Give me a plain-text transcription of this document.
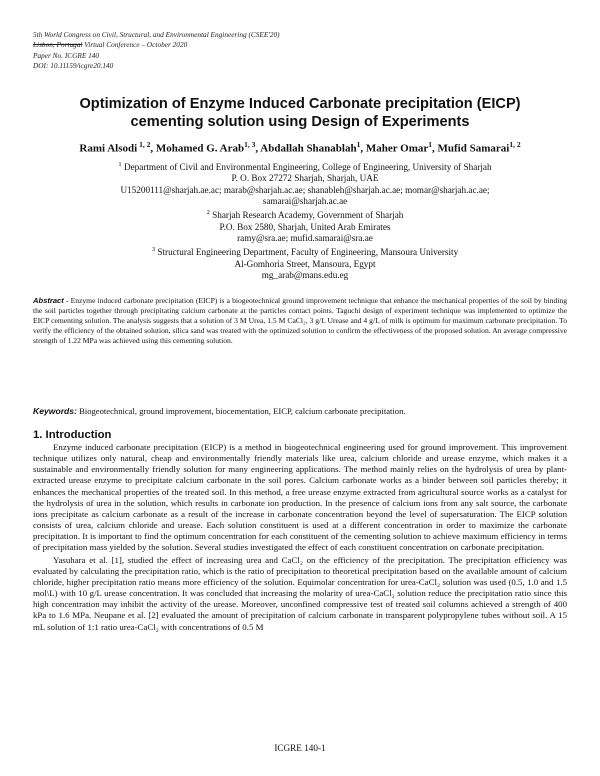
5th World Congress on Civil, Structural, and Environmental Engineering (CSEE'20)
Lisbon, Portugal Virtual Conference – October 2020
Paper No. ICGRE 140
DOI: 10.11159/icgre20.140
Optimization of Enzyme Induced Carbonate precipitation (EICP)
cementing solution using Design of Experiments
Rami Alsodi $^{1, 2}$, Mohamed G. Arab$^{1, 3}$, Abdallah Shanablah$^1$, Maher Omar$^1$, Mufid Samarai$^{1, 2}$
$^1$ Department of Civil and Environmental Engineering, College of Engineering, University of Sharjah
P. O. Box 27272 Sharjah, Sharjah, UAE
U15200111@sharjah.ae.ac; marab@sharjah.ac.ae; shanableh@sharjah.ac.ae; momar@sharjah.ac.ae;
samarai@sharjah.ac.ae
$^2$ Sharjah Research Academy, Government of Sharjah
P.O. Box 2580, Sharjah, United Arab Emirates
ramy@sra.ae; mufid.samarai@sra.ae
$^3$ Structural Engineering Department, Faculty of Engineering, Mansoura University
Al-Gomhoria Street, Mansoura, Egypt
mg_arab@mans.edu.eg
Abstract - Enzyme induced carbonate precipitation (EICP) is a biogeotechnical ground improvement technique that enhance the mechanical properties of the soil by binding the soil particles together through precipitating calcium carbonate at the particles contact points. Taguchi design of experiment technique was implemented to optimize the EICP cementing solution. The analysis suggests that a solution of 3 M Urea, 1.5 M CaCl₂, 3 g/L Urease and 4 g/L of milk is optimum for maximum carbonate precipitation. To verify the efficiency of the obtained solution, silica sand was treated with the optimized solution to confirm the effectiveness of the proposed solution. An average compressive strength of 1.22 MPa was achieved using this cementing solution.
Keywords: Biogeotechnical, ground improvement, biocementation, EICP, calcium carbonate precipitation.
1. Introduction

Enzyme induced carbonate precipitation (EICP) is a method in biogeotechnical engineering used for ground improvement. This improvement technique utilizes only natural, cheap and environmentally friendly materials like urea, calcium chloride and urease enzyme, which makes it a sustainable and environmentally friendly solution for many engineering applications. The method mainly relies on the hydrolysis of urea by plant-extracted urease enzyme to precipitate calcium carbonate in the soil pores. Calcium carbonate works as a binder between soil particles thereby; it enhances the mechanical properties of the treated soil. In this method, a free urease enzyme extracted from agricultural source works as a catalyst for the hydrolysis of urea in the solution, which results in carbonate ion production. In the presence of calcium ions from any salt source, the carbonate ions precipitate as calcium carbonate as a result of the increase in carbonate concentration beyond the level of supersaturation. The EICP solution consists of urea, calcium chloride and urease. Each solution constituent is used at a different concentration in order to maximize the carbonate precipitation. It is important to find the optimum concentration for each constituent of the cementing solution to achieve maximum efficiency in terms of precipitation mass yielded by the solution. Several studies investigated the effect of each constituent concentration on carbonate precipitation.

Yasuhara et al. [1], studied the effect of increasing urea and CaCl₂ on the efficiency of the precipitation. The precipitation efficiency was evaluated by calculating the precipitation ratio, which is the ratio of precipitation to theoretical precipitation based on the available amount of calcium chloride, higher precipitation ratio means more efficiency of the solution. Equimolar concentration for urea-CaCl₂ solution was used (0.5, 1.0 and 1.5 mol\L) with 10 g/L urease concentration. It was concluded that increasing the molarity of urea-CaCl₂ solution reduce the precipitation ratio since this high concentration may inhibit the activity of the urease. Moreover, unconfined compressive test of treated soil columns achieved a strength of 400 kPa to 1.6 MPa. Neupane et al. [2] evaluated the amount of precipitation of calcium carbonate in transparent polypropylene tubes without soil. A 15 mL solution of 1:1 ratio urea-CaCl₂ with concentrations of 0.5 M

ICGRE 140-1
